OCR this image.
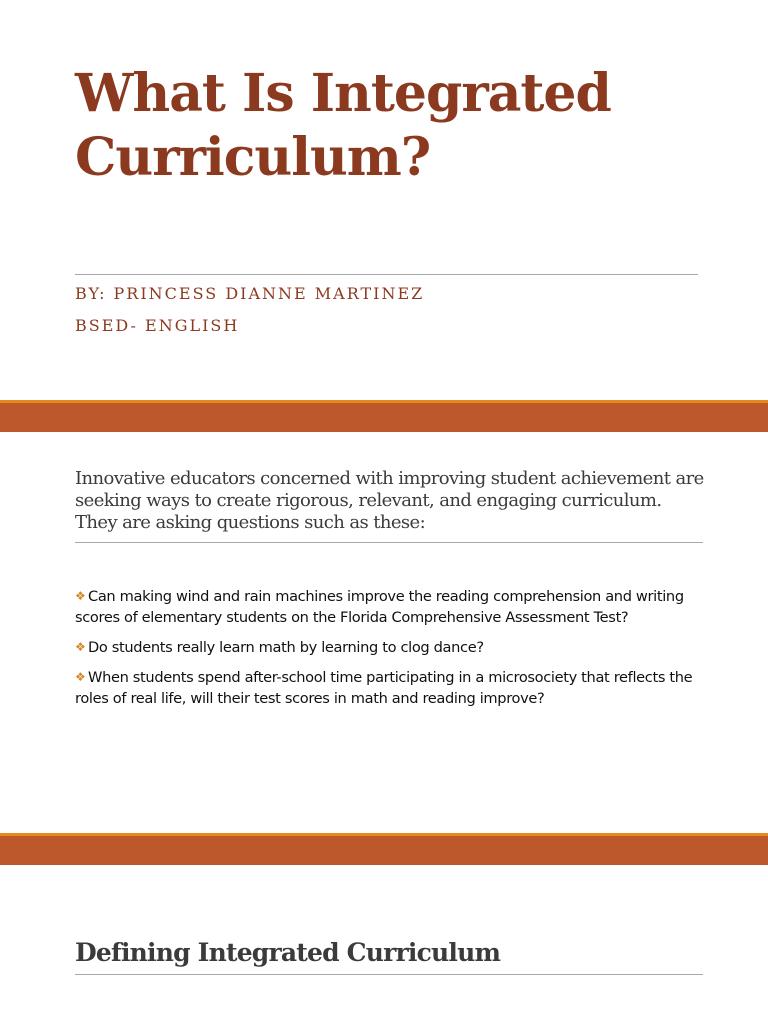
What Is Integrated
Curriculum?
BY: PRINCESS DIANNE MARTINEZ
BSED- ENGLISH

Innovative educators concerned with improving student achievement are seeking ways to create rigorous, relevant, and engaging curriculum. They are asking questions such as these:

❖ Can making wind and rain machines improve the reading comprehension and writing scores of elementary students on the Florida Comprehensive Assessment Test?
❖ Do students really learn math by learning to clog dance?
❖ When students spend after-school time participating in a microsociety that reflects the roles of real life, will their test scores in math and reading improve?
Defining Integrated Curriculum
